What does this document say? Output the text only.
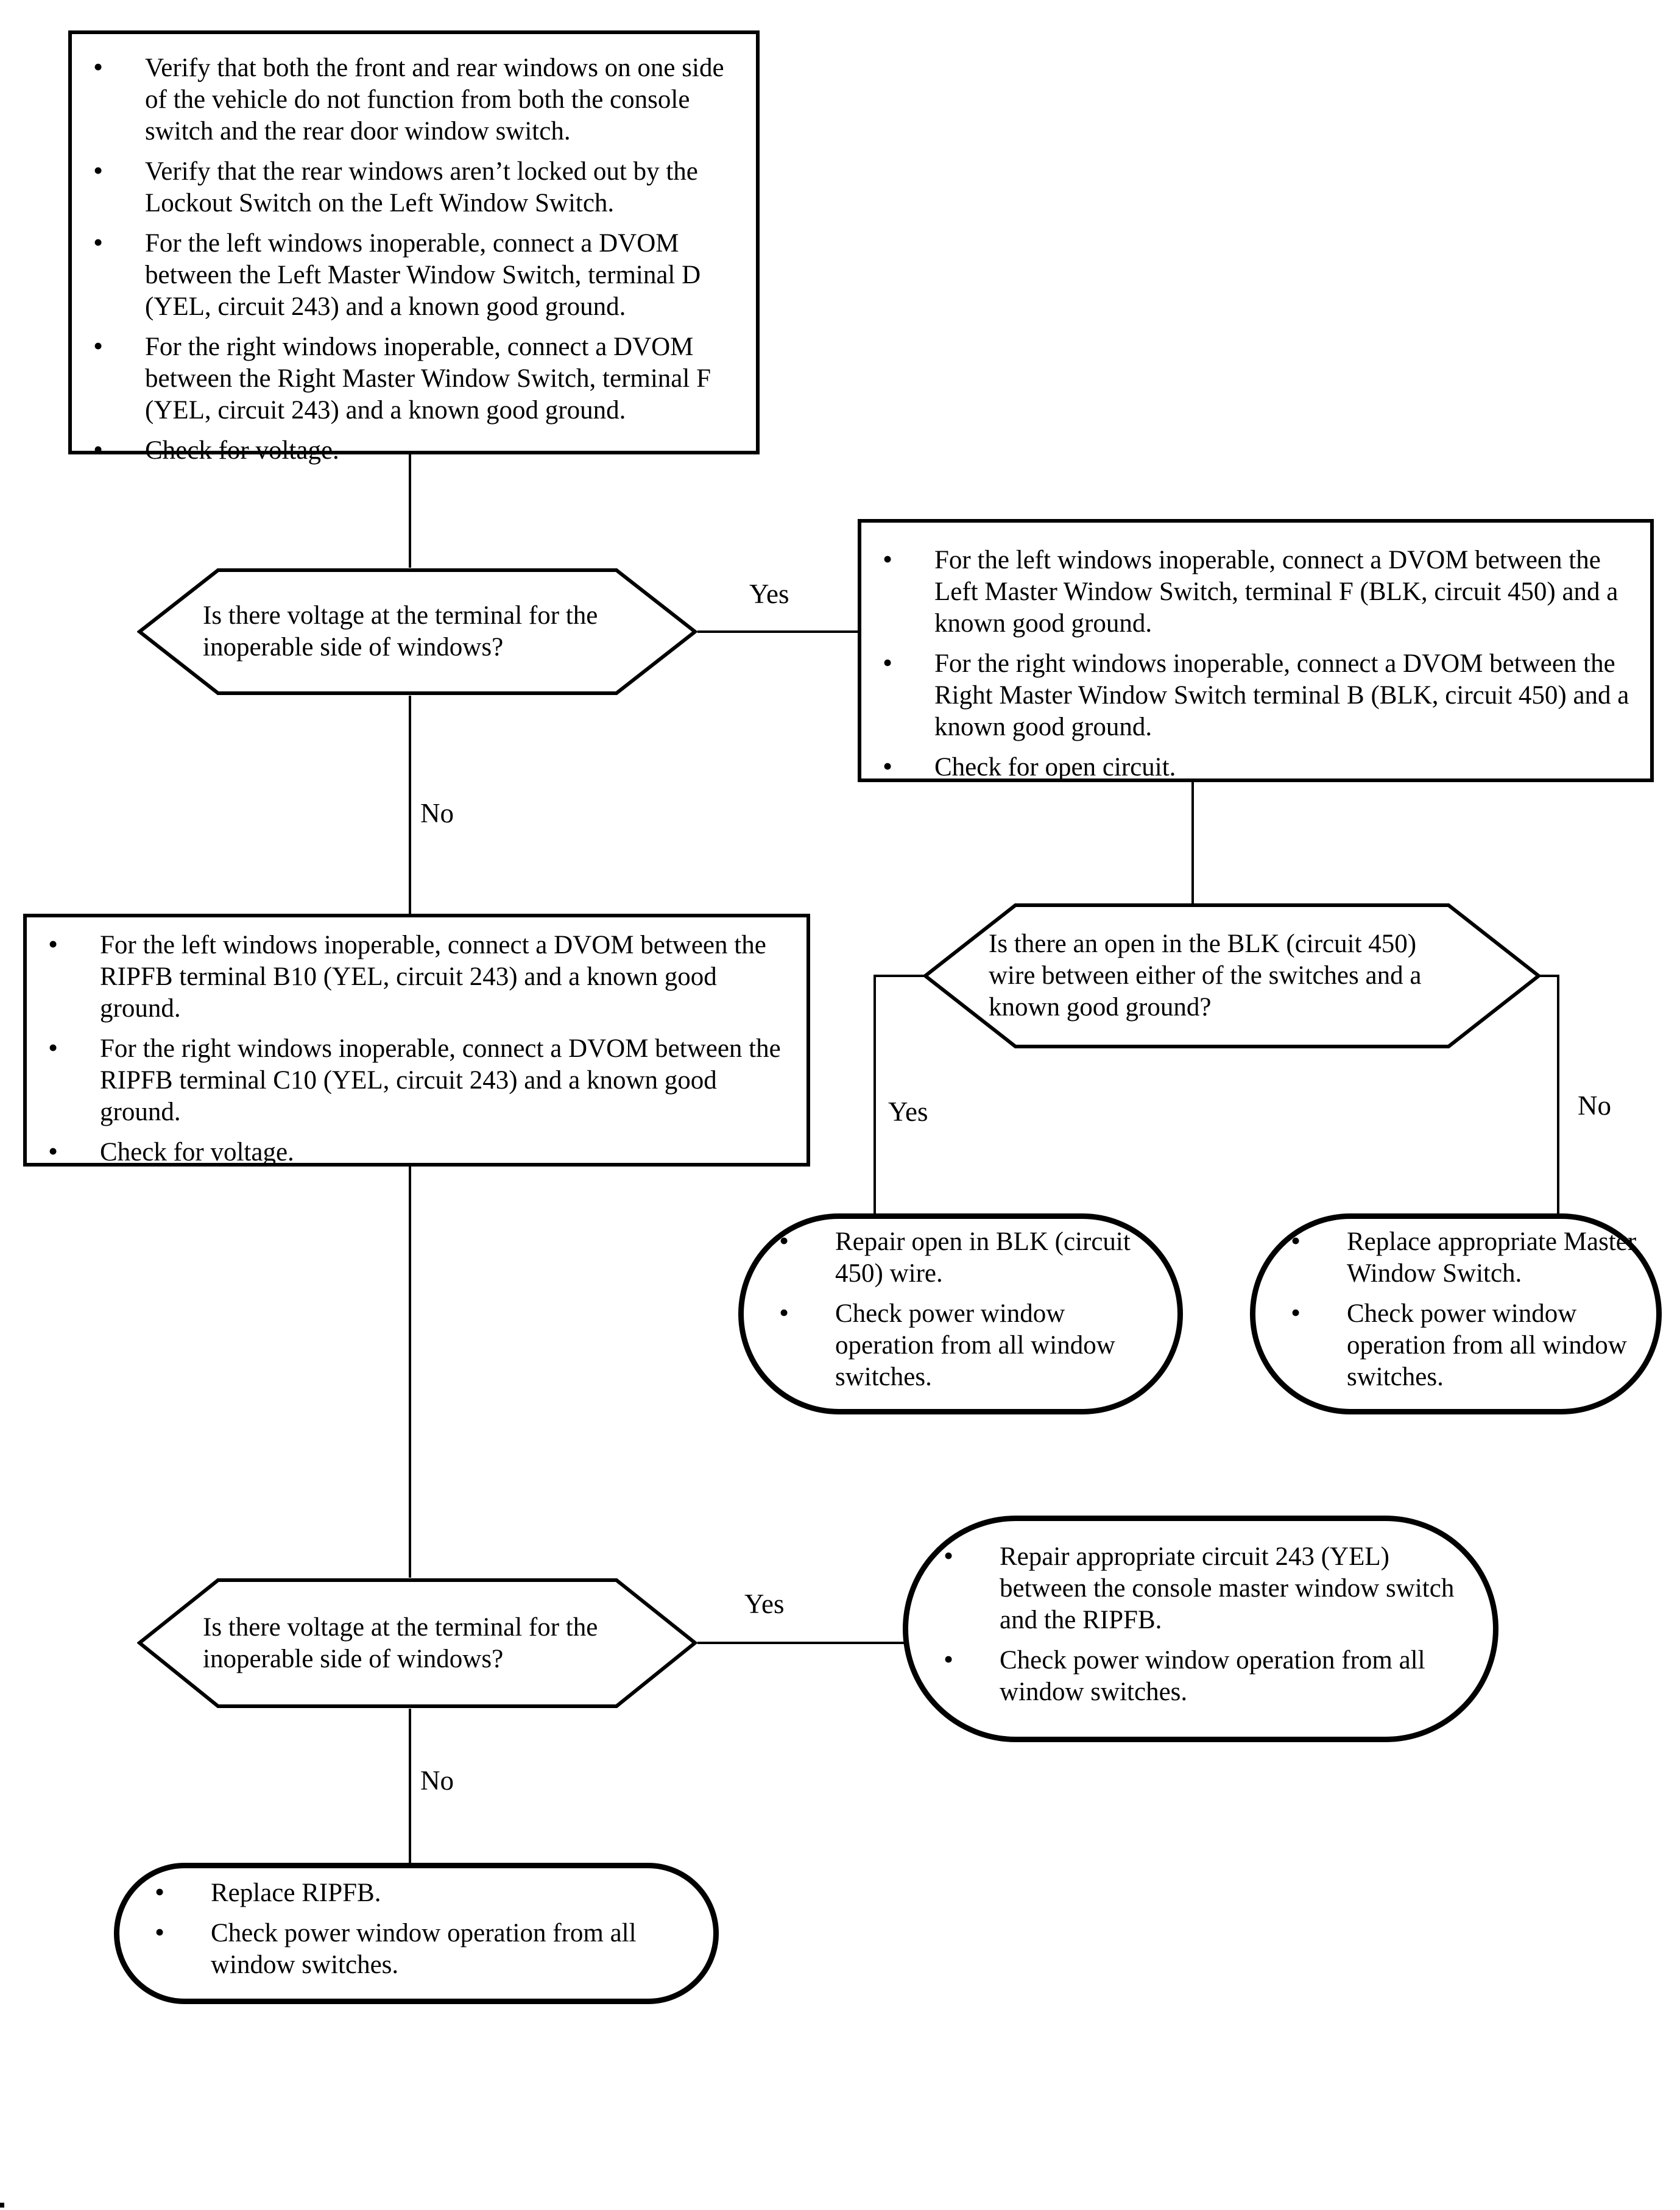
• Verify that both the front and rear windows on one side of the vehicle do not function from both the console switch and the rear door window switch.
• Verify that the rear windows aren’t locked out by the Lockout Switch on the Left Window Switch.
• For the left windows inoperable, connect a DVOM between the Left Master Window Switch, terminal D (YEL, circuit 243) and a known good ground.
• For the right windows inoperable, connect a DVOM between the Right Master Window Switch, terminal F (YEL, circuit 243) and a known good ground.
• Check for voltage.
Is there voltage at the terminal for the inoperable side of windows?
Yes
• For the left windows inoperable, connect a DVOM between the Left Master Window Switch, terminal F (BLK, circuit 450) and a known good ground.
• For the right windows inoperable, connect a DVOM between the Right Master Window Switch terminal B (BLK, circuit 450) and a known good ground.
• Check for open circuit.
No
• For the left windows inoperable, connect a DVOM between the RIPFB terminal B10 (YEL, circuit 243) and a known good ground.
• For the right windows inoperable, connect a DVOM between the RIPFB terminal C10 (YEL, circuit 243) and a known good ground.
• Check for voltage.
Is there an open in the BLK (circuit 450) wire between either of the switches and a known good ground?
Yes	No
• Repair open in BLK (circuit 450) wire.
• Check power window operation from all window switches.
• Replace appropriate Master Window Switch.
• Check power window operation from all window switches.
Is there voltage at the terminal for the inoperable side of windows?
Yes
• Repair appropriate circuit 243 (YEL) between the console master window switch and the RIPFB.
• Check power window operation from all window switches.
No
• Replace RIPFB.
• Check power window operation from all window switches.
